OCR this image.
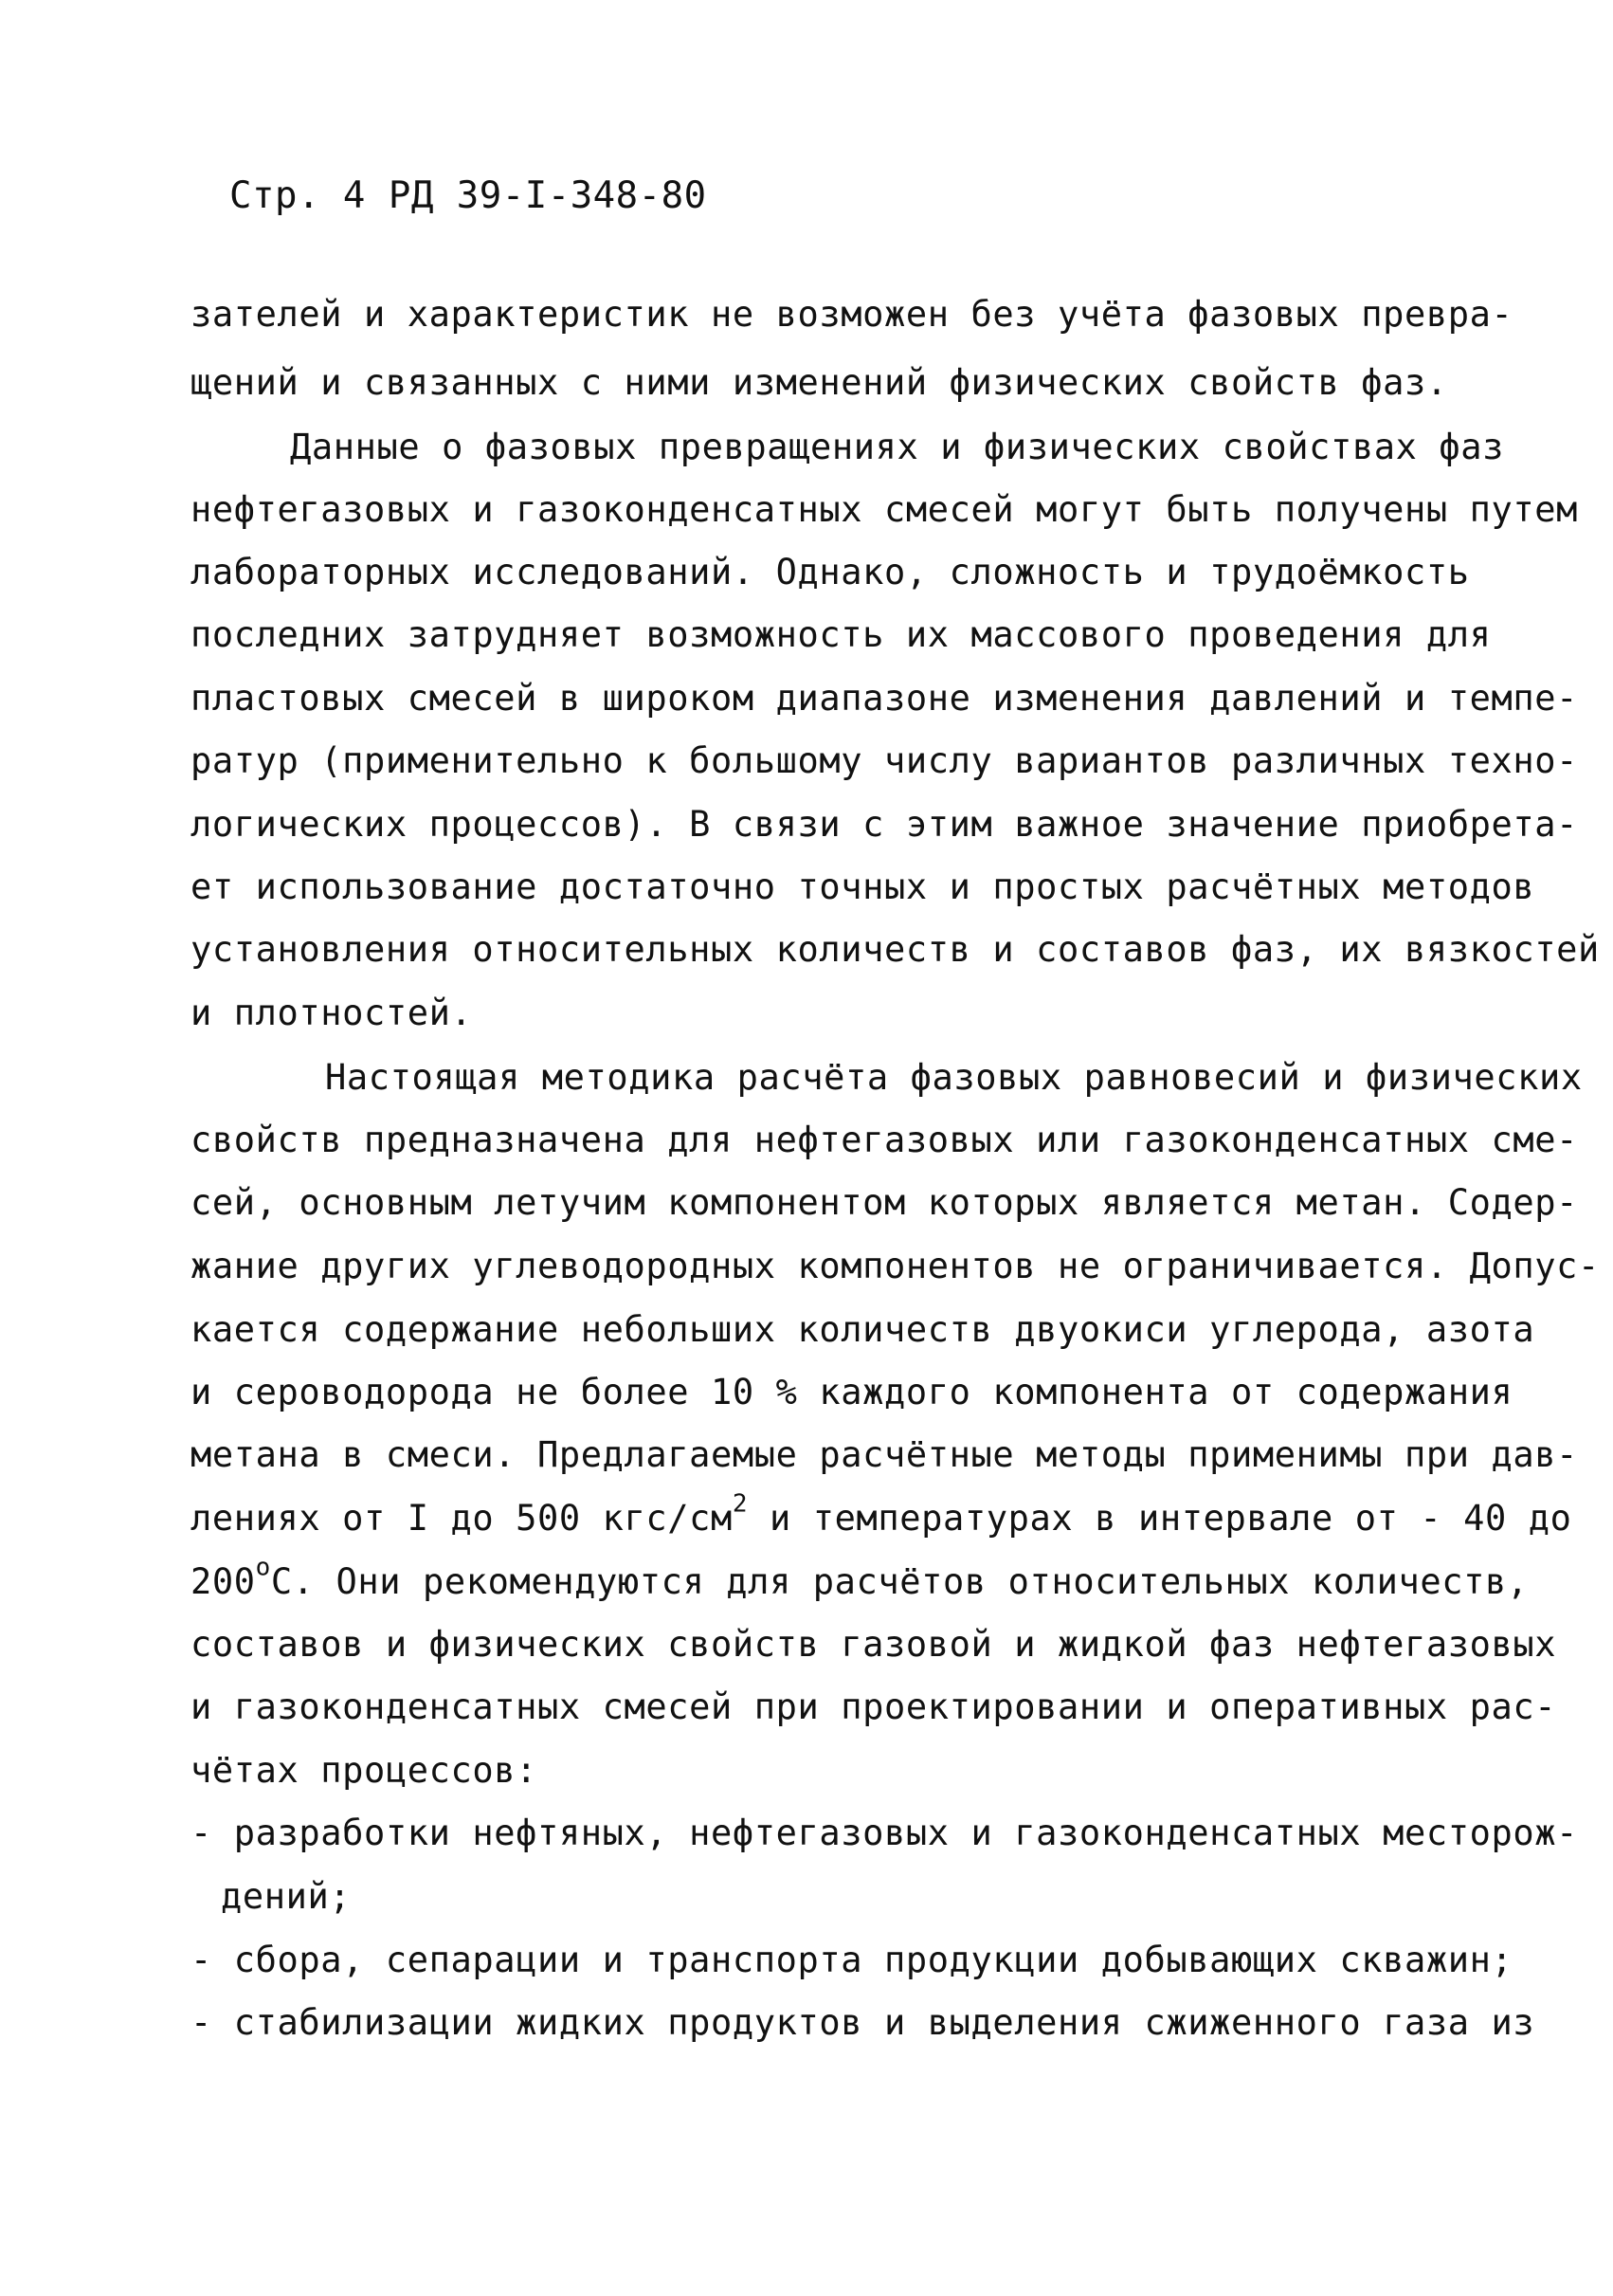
Стр. 4 РД 39-I-348-80
зателей и характеристик не возможен без учёта фазовых превра-
щений и связанных с ними изменений физических свойств фаз.
Данные о фазовых превращениях и физических свойствах фаз
нефтегазовых и газоконденсатных смесей могут быть получены путем
лабораторных исследований. Однако, сложность и трудоёмкость
последних затрудняет возможность их массового проведения для
пластовых смесей в широком диапазоне изменения давлений и темпе-
ратур (применительно к большому числу вариантов различных техно-
логических процессов). В связи с этим важное значение приобрета-
ет использование достаточно точных и простых расчётных методов
установления относительных количеств и составов фаз, их вязкостей
и плотностей.
Настоящая методика расчёта фазовых равновесий и физических
свойств предназначена для нефтегазовых или газоконденсатных сме-
сей, основным летучим компонентом которых является метан. Содер-
жание других углеводородных компонентов не ограничивается. Допус-
кается содержание небольших количеств двуокиси углерода, азота
и сероводорода не более 10 % каждого компонента от содержания
метана в смеси. Предлагаемые расчётные методы применимы при дав-
лениях от I до 500 кгс/$см^2$ и температурах в интервале от - 40 до
$200^оС$. Они рекомендуются для расчётов относительных количеств,
составов и физических свойств газовой и жидкой фаз нефтегазовых
и газоконденсатных смесей при проектировании и оперативных рас-
чётах процессов:
- разработки нефтяных, нефтегазовых и газоконденсатных месторож-
дений;
- сбора, сепарации и транспорта продукции добывающих скважин;
- стабилизации жидких продуктов и выделения сжиженного газа из
